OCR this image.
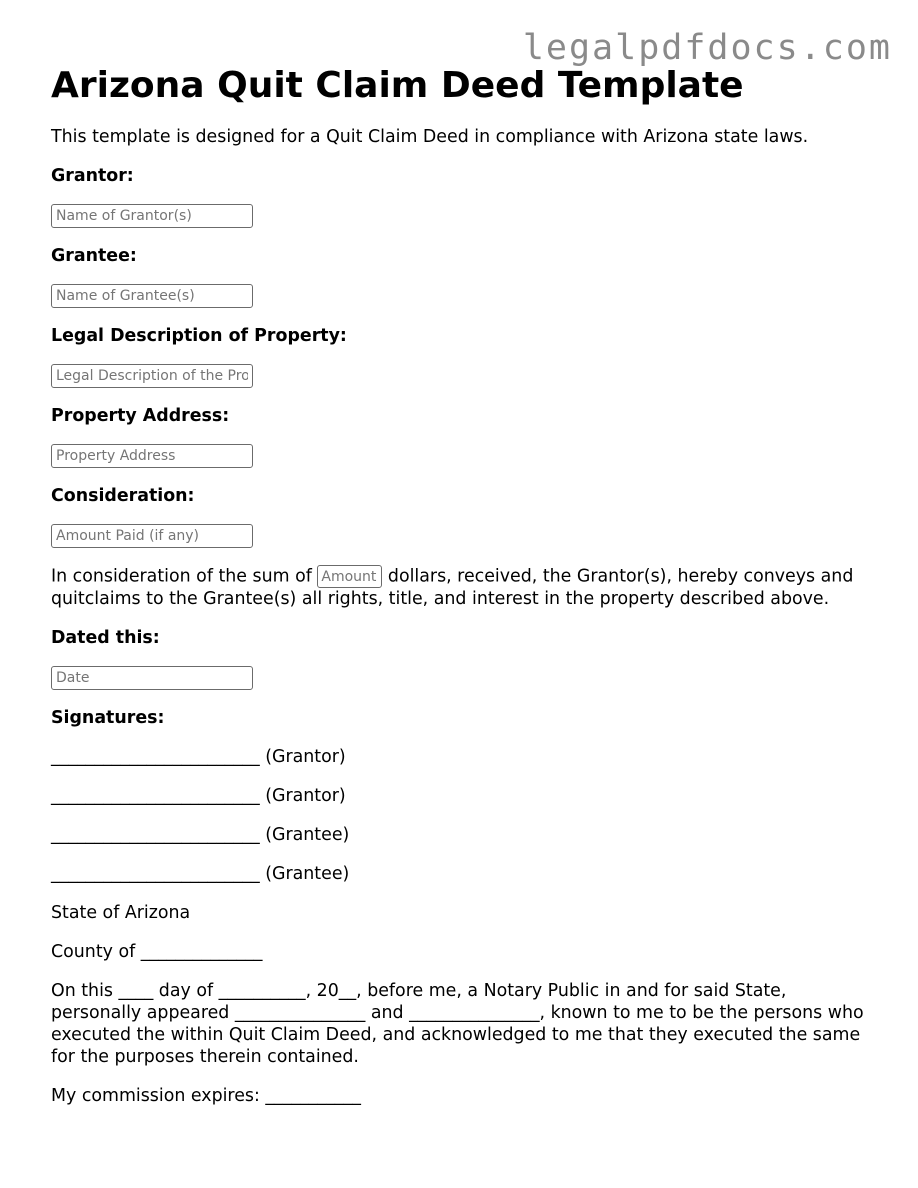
legalpdfdocs.com
Arizona Quit Claim Deed Template

This template is designed for a Quit Claim Deed in compliance with Arizona state laws.

Grantor:
Name of Grantor(s)
Grantee:
Name of Grantee(s)
Legal Description of Property:
Legal Description of the Property
Property Address:
Property Address
Consideration:
Amount Paid (if any)

In consideration of the sum of Amount	dollars, received, the Grantor(s), hereby conveys and quitclaims to the Grantee(s) all rights, title, and interest in the property described above.

Dated this:
Date
Signatures:
________________________ (Grantor)
________________________ (Grantor)
________________________ (Grantee)
________________________ (Grantee)

State of Arizona

County of ______________

On this ____ day of __________, 20__, before me, a Notary Public in and for said State, personally appeared _______________ and _______________, known to me to be the persons who executed the within Quit Claim Deed, and acknowledged to me that they executed the same for the purposes therein contained.

My commission expires: ___________
